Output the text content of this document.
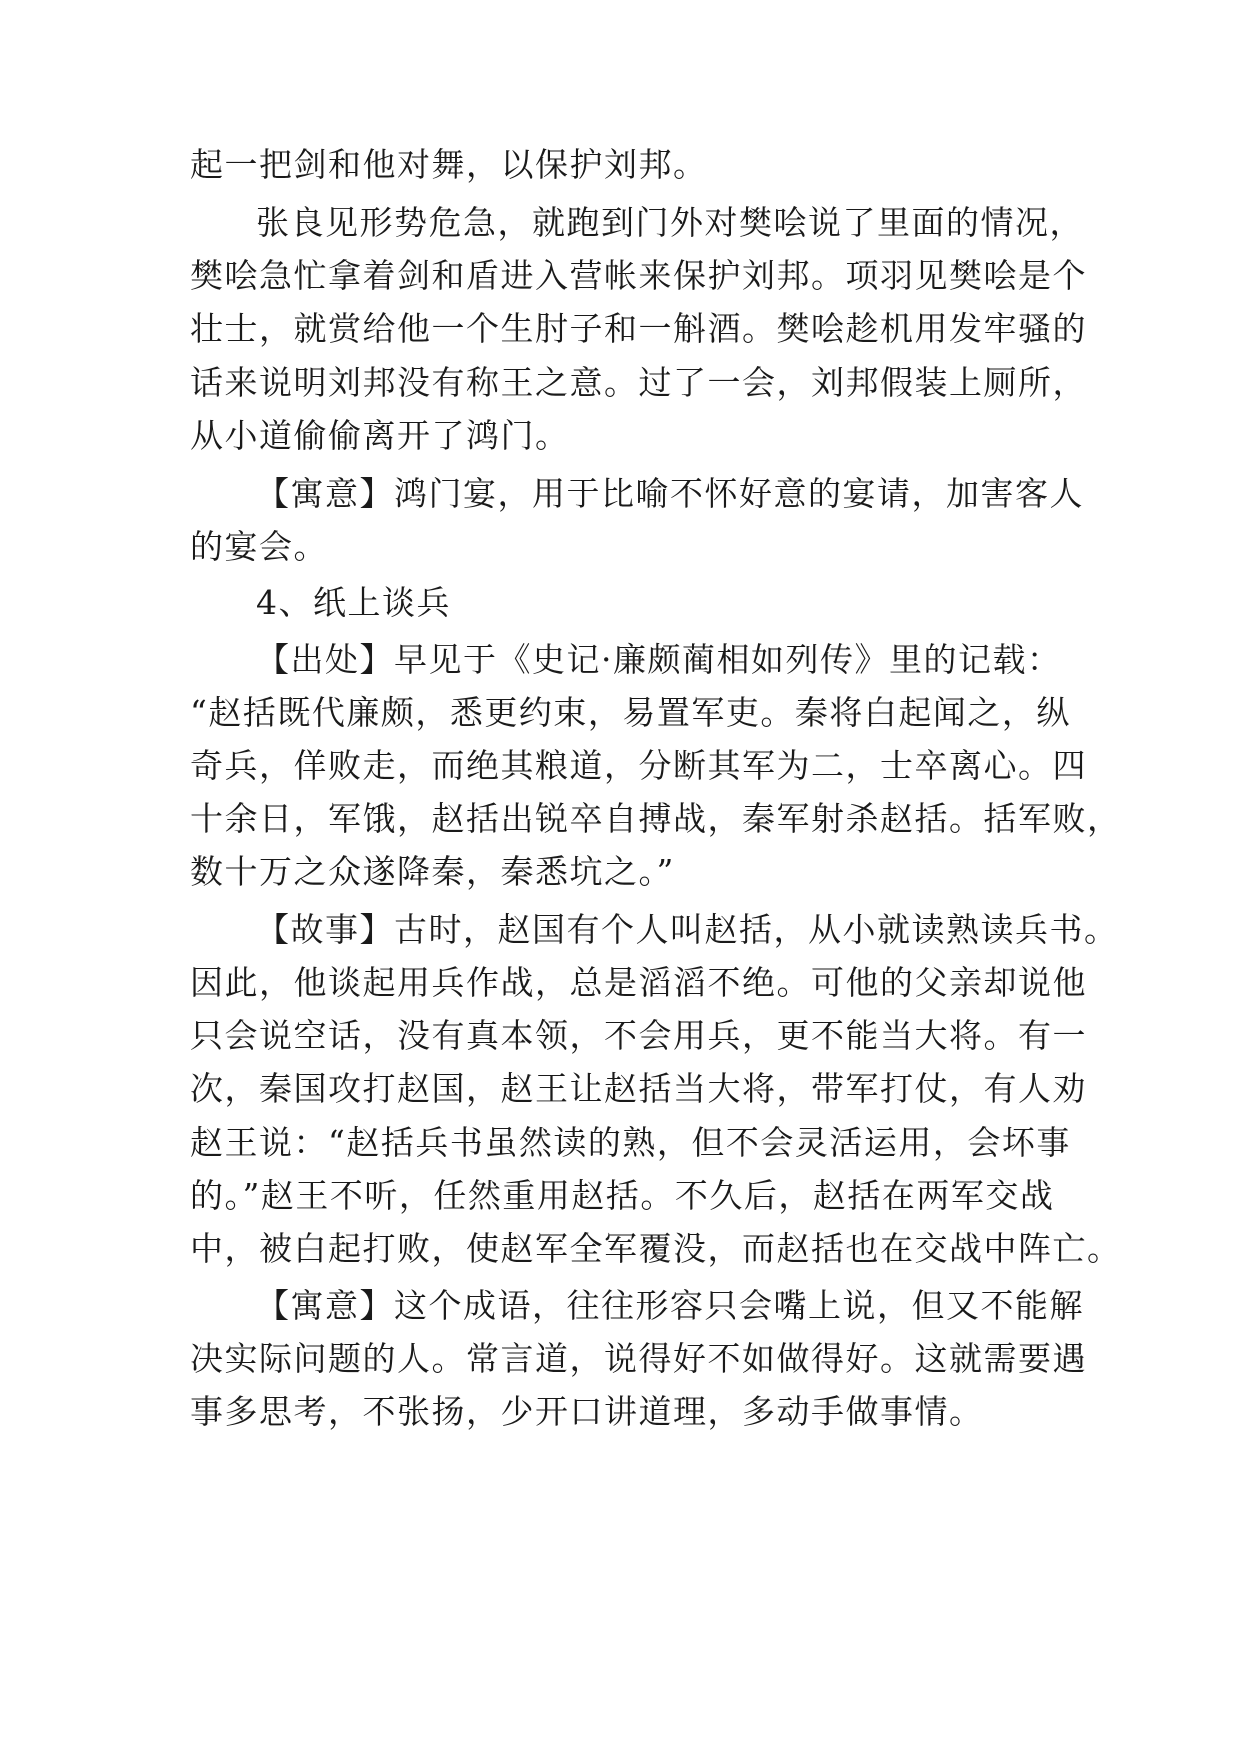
起一把剑和他对舞，以保护刘邦。
张良见形势危急，就跑到门外对樊哙说了里面的情况，
樊哙急忙拿着剑和盾进入营帐来保护刘邦。项羽见樊哙是个
壮士，就赏给他一个生肘子和一斛酒。樊哙趁机用发牢骚的
话来说明刘邦没有称王之意。过了一会，刘邦假装上厕所，
从小道偷偷离开了鸿门。
【寓意】鸿门宴，用于比喻不怀好意的宴请，加害客人
的宴会。
4、纸上谈兵
【出处】早见于《史记·廉颇蔺相如列传》里的记载：
“赵括既代廉颇，悉更约束，易置军吏。秦将白起闻之，纵
奇兵，佯败走，而绝其粮道，分断其军为二，士卒离心。四
十余日，军饿，赵括出锐卒自搏战，秦军射杀赵括。括军败，
数十万之众遂降秦，秦悉坑之。”
【故事】古时，赵国有个人叫赵括，从小就读熟读兵书。
因此，他谈起用兵作战，总是滔滔不绝。可他的父亲却说他
只会说空话，没有真本领，不会用兵，更不能当大将。有一
次，秦国攻打赵国，赵王让赵括当大将，带军打仗，有人劝
赵王说：“赵括兵书虽然读的熟，但不会灵活运用，会坏事
的。”赵王不听，任然重用赵括。不久后，赵括在两军交战
中，被白起打败，使赵军全军覆没，而赵括也在交战中阵亡。
【寓意】这个成语，往往形容只会嘴上说，但又不能解
决实际问题的人。常言道，说得好不如做得好。这就需要遇
事多思考，不张扬，少开口讲道理，多动手做事情。
